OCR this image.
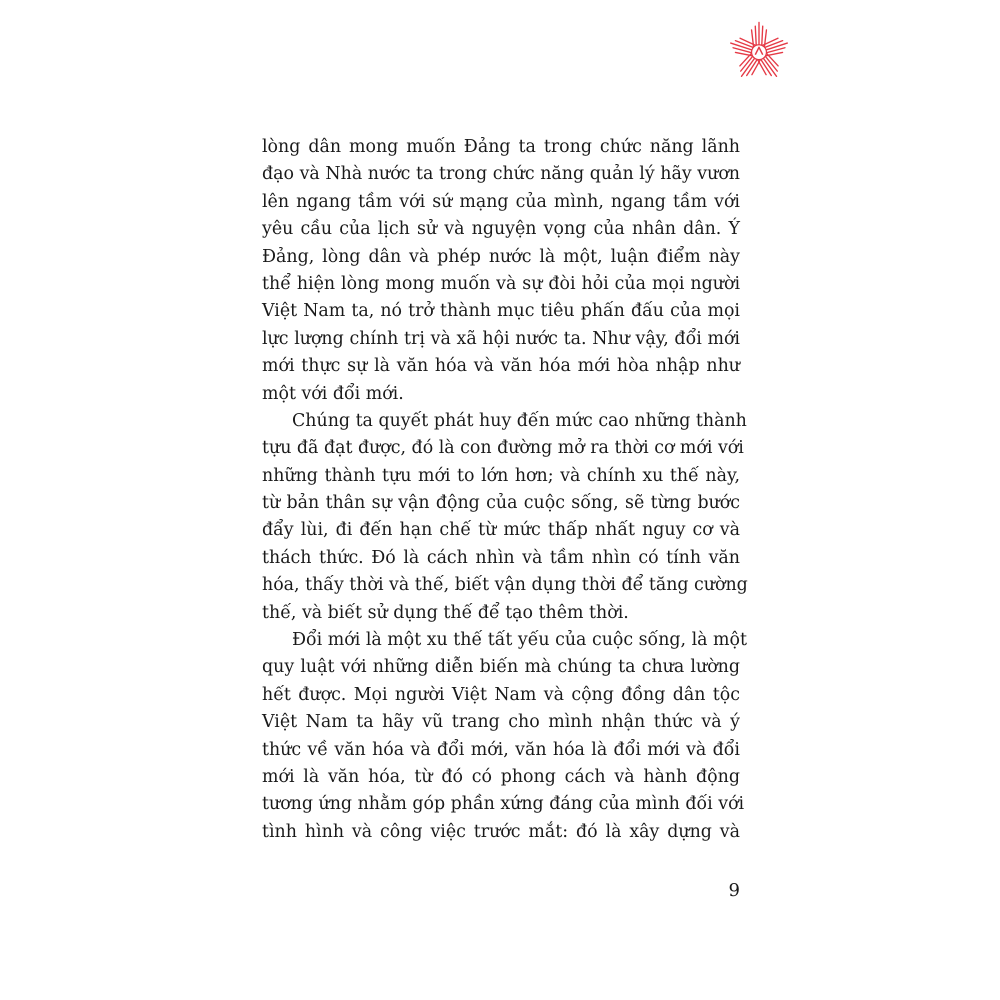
lòng dân mong muốn Đảng ta trong chức năng lãnh
đạo và Nhà nước ta trong chức năng quản lý hãy vươn
lên ngang tầm với sứ mạng của mình, ngang tầm với
yêu cầu của lịch sử và nguyện vọng của nhân dân. Ý
Đảng, lòng dân và phép nước là một, luận điểm này
thể hiện lòng mong muốn và sự đòi hỏi của mọi người
Việt Nam ta, nó trở thành mục tiêu phấn đấu của mọi
lực lượng chính trị và xã hội nước ta. Như vậy, đổi mới
mới thực sự là văn hóa và văn hóa mới hòa nhập như
một với đổi mới.
Chúng ta quyết phát huy đến mức cao những thành
tựu đã đạt được, đó là con đường mở ra thời cơ mới với
những thành tựu mới to lớn hơn; và chính xu thế này,
từ bản thân sự vận động của cuộc sống, sẽ từng bước
đẩy lùi, đi đến hạn chế từ mức thấp nhất nguy cơ và
thách thức. Đó là cách nhìn và tầm nhìn có tính văn
hóa, thấy thời và thế, biết vận dụng thời để tăng cường
thế, và biết sử dụng thế để tạo thêm thời.
Đổi mới là một xu thế tất yếu của cuộc sống, là một
quy luật với những diễn biến mà chúng ta chưa lường
hết được. Mọi người Việt Nam và cộng đồng dân tộc
Việt Nam ta hãy vũ trang cho mình nhận thức và ý
thức về văn hóa và đổi mới, văn hóa là đổi mới và đổi
mới là văn hóa, từ đó có phong cách và hành động
tương ứng nhằm góp phần xứng đáng của mình đối với
tình hình và công việc trước mắt: đó là xây dựng và
9
